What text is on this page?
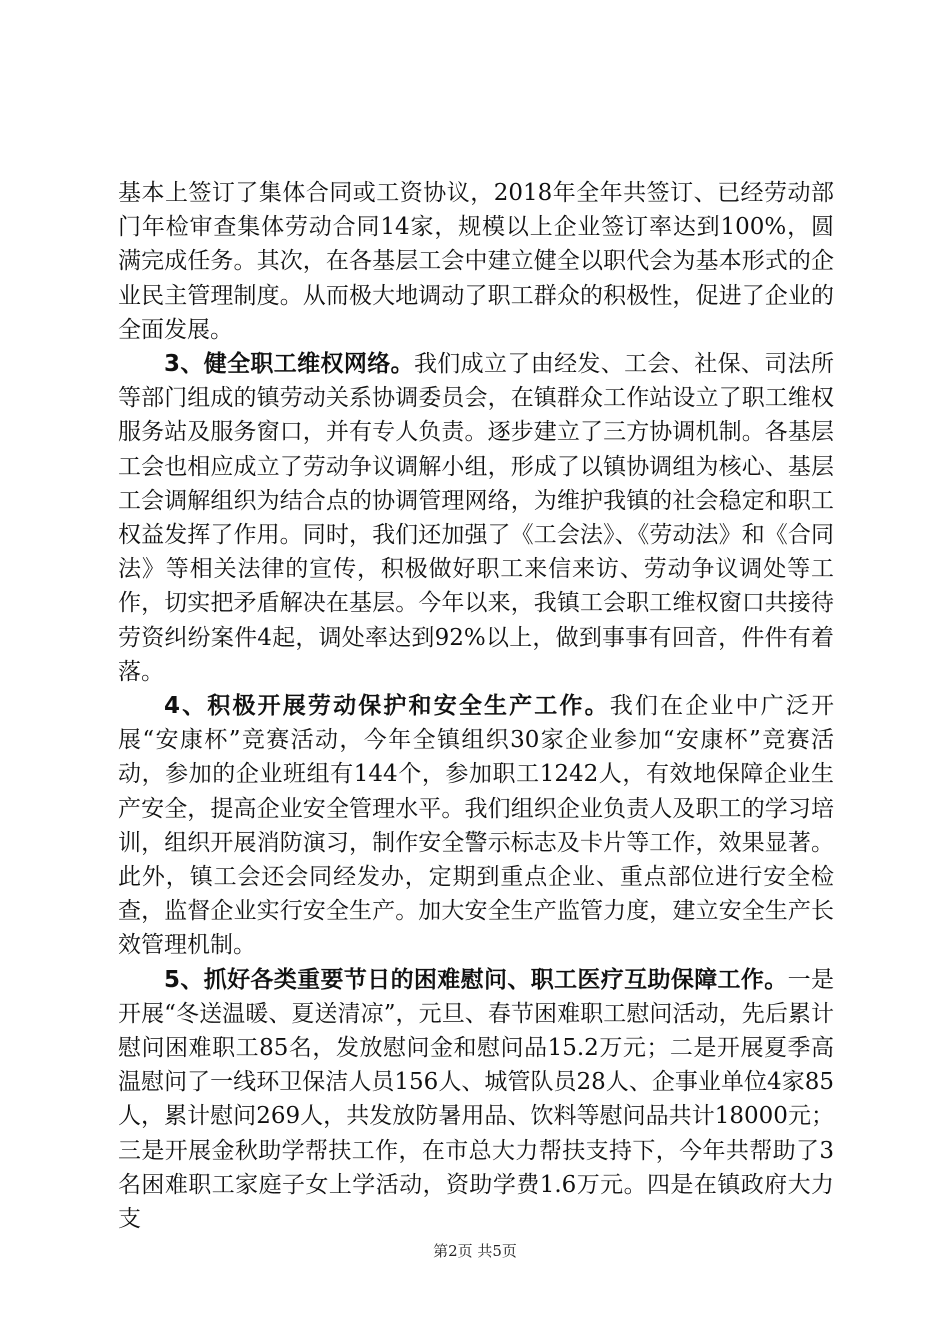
基本上签订了集体合同或工资协议，2018年全年共签订、已经劳动部门年检审查集体劳动合同14家，规模以上企业签订率达到100%，圆满完成任务。其次，在各基层工会中建立健全以职代会为基本形式的企业民主管理制度。从而极大地调动了职工群众的积极性，促进了企业的全面发展。

3、健全职工维权网络。我们成立了由经发、工会、社保、司法所等部门组成的镇劳动关系协调委员会，在镇群众工作站设立了职工维权服务站及服务窗口，并有专人负责。逐步建立了三方协调机制。各基层工会也相应成立了劳动争议调解小组，形成了以镇协调组为核心、基层工会调解组织为结合点的协调管理网络，为维护我镇的社会稳定和职工权益发挥了作用。同时，我们还加强了《工会法》、《劳动法》和《合同法》等相关法律的宣传，积极做好职工来信来访、劳动争议调处等工作，切实把矛盾解决在基层。今年以来，我镇工会职工维权窗口共接待劳资纠纷案件4起，调处率达到92%以上，做到事事有回音，件件有着落。

4、积极开展劳动保护和安全生产工作。我们在企业中广泛开展“安康杯”竞赛活动，今年全镇组织30家企业参加“安康杯”竞赛活动，参加的企业班组有144个，参加职工1242人，有效地保障企业生产安全，提高企业安全管理水平。我们组织企业负责人及职工的学习培训，组织开展消防演习，制作安全警示标志及卡片等工作，效果显著。此外，镇工会还会同经发办，定期到重点企业、重点部位进行安全检查，监督企业实行安全生产。加大安全生产监管力度，建立安全生产长效管理机制。

5、抓好各类重要节日的困难慰问、职工医疗互助保障工作。一是开展“冬送温暖、夏送清凉”，元旦、春节困难职工慰问活动，先后累计慰问困难职工85名，发放慰问金和慰问品15.2万元；二是开展夏季高温慰问了一线环卫保洁人员156人、城管队员28人、企事业单位4家85人，累计慰问269人，共发放防暑用品、饮料等慰问品共计18000元；三是开展金秋助学帮扶工作，在市总大力帮扶支持下，今年共帮助了3名困难职工家庭子女上学活动，资助学费1.6万元。四是在镇政府大力支

第2页 共5页
